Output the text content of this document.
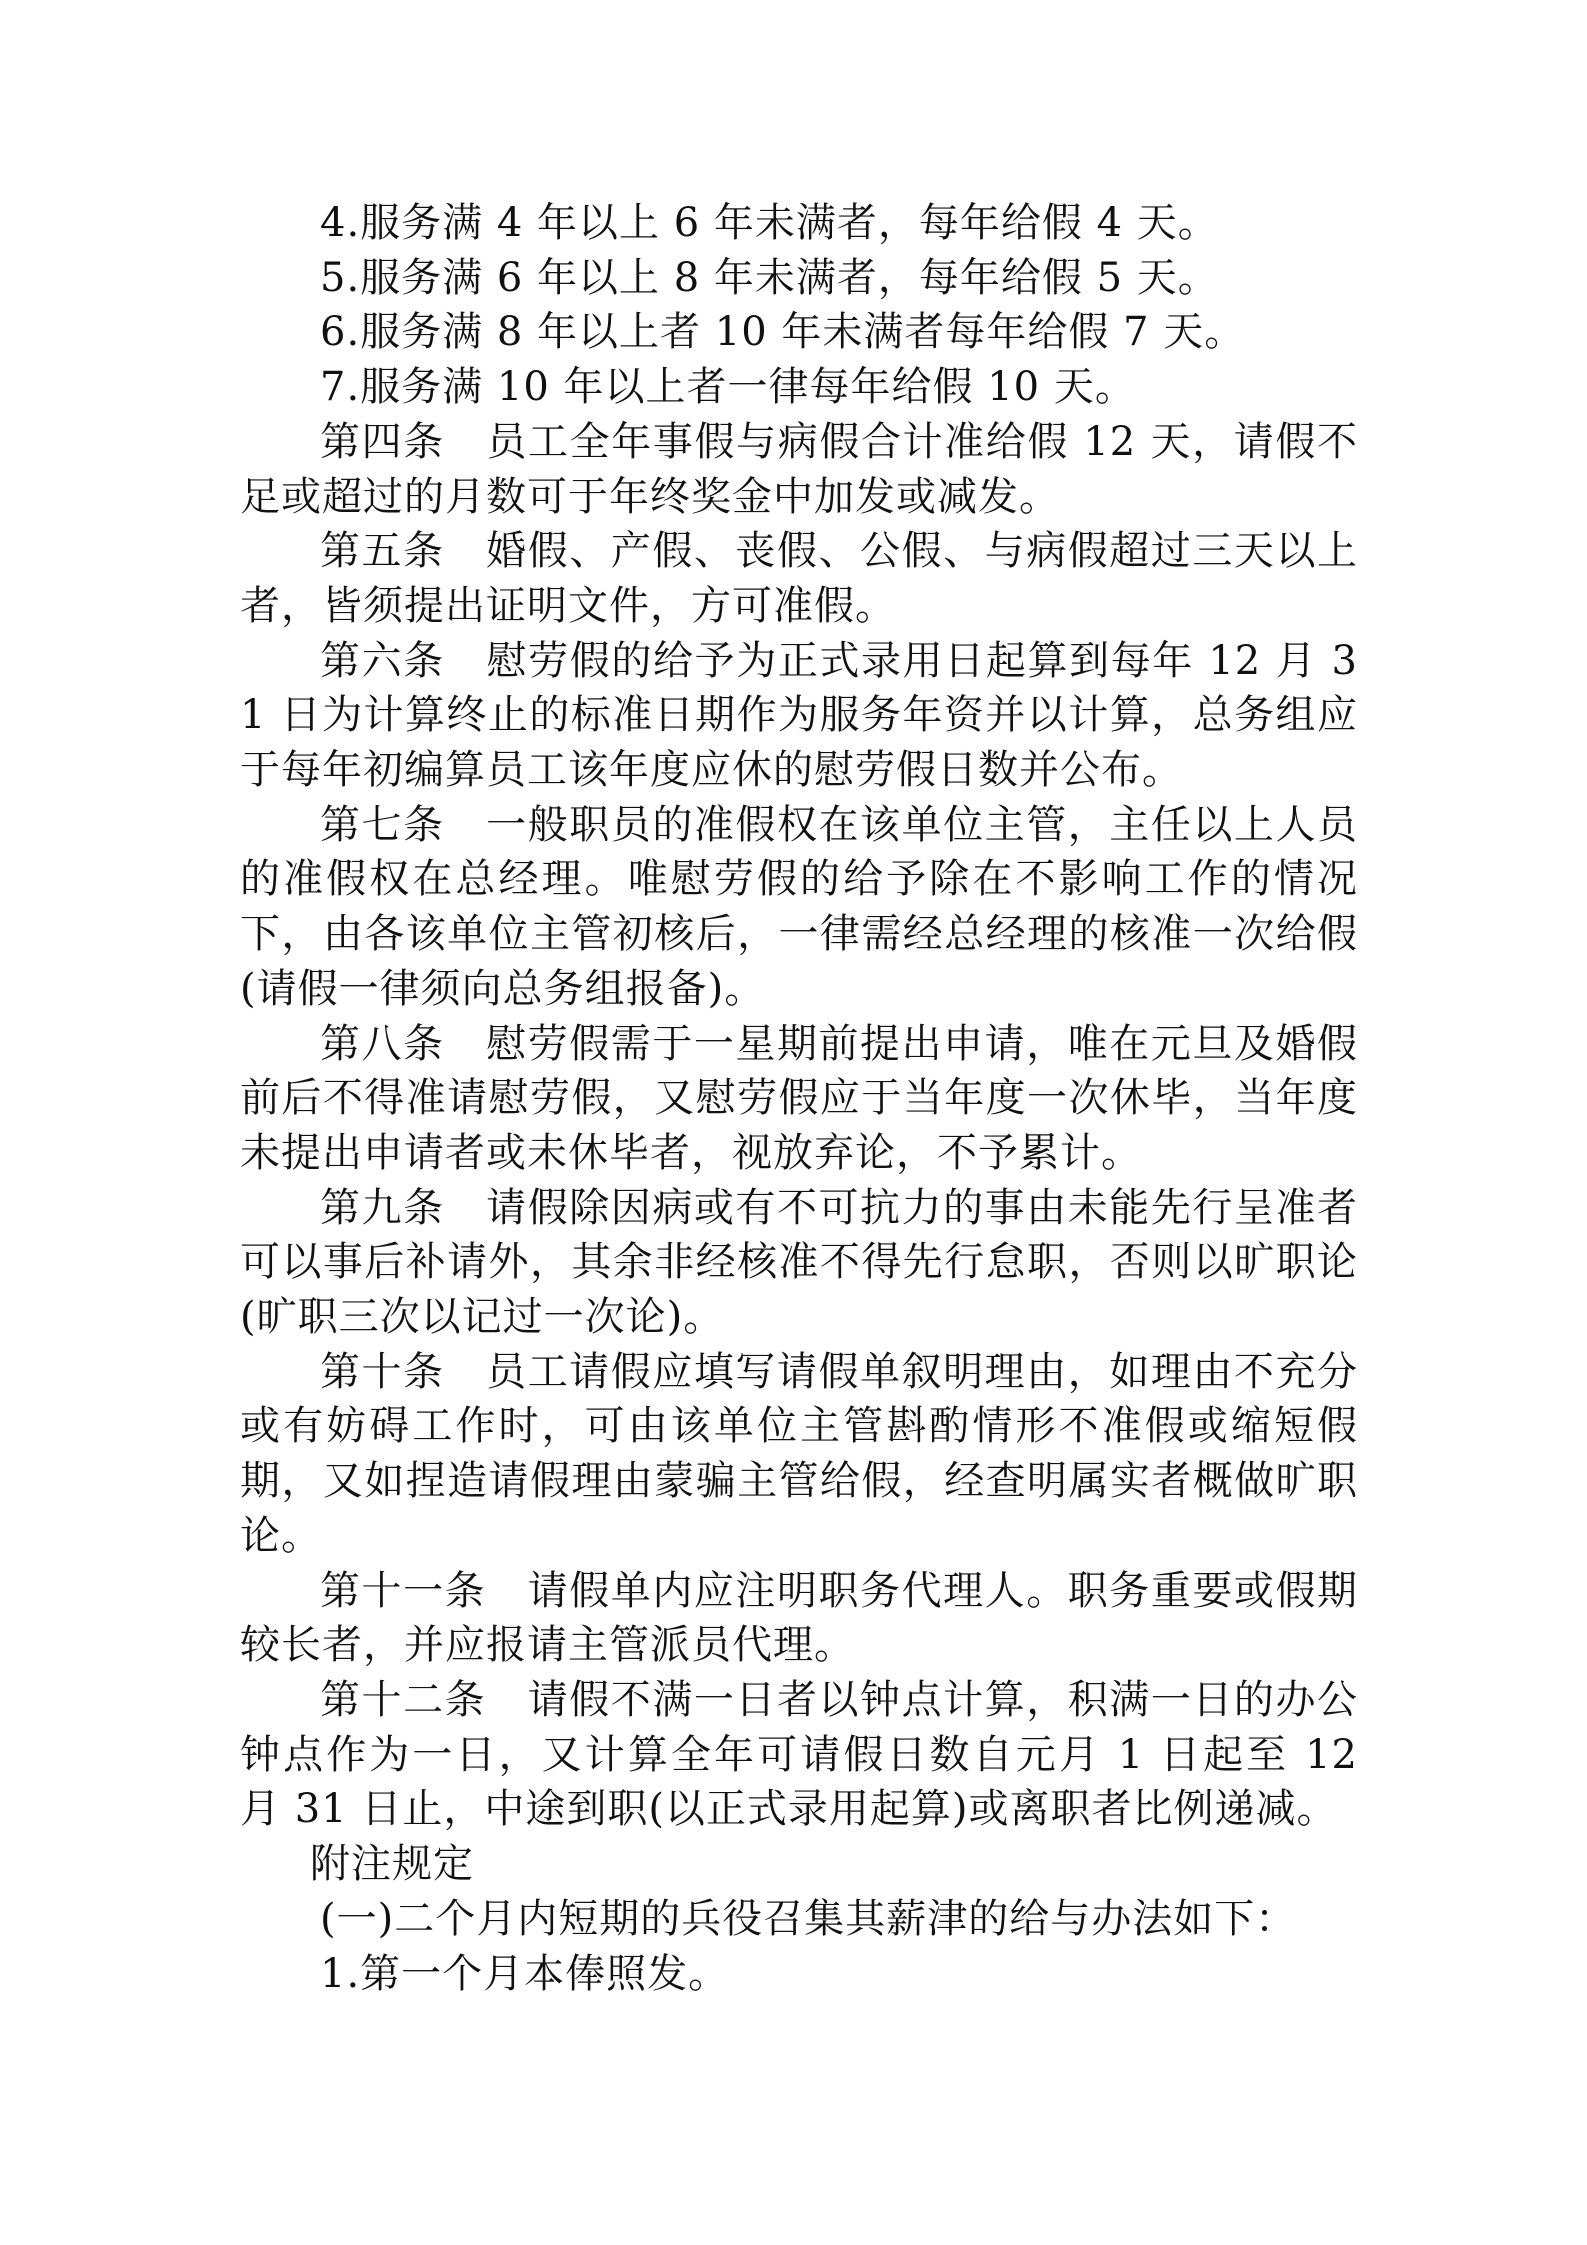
4.服务满 4 年以上 6 年未满者，每年给假 4 天。

5.服务满 6 年以上 8 年未满者，每年给假 5 天。

6.服务满 8 年以上者 10 年未满者每年给假 7 天。

7.服务满 10 年以上者一律每年给假 10 天。

第四条　员工全年事假与病假合计准给假 12 天，请假不足或超过的月数可于年终奖金中加发或减发。

第五条　婚假、产假、丧假、公假、与病假超过三天以上者，皆须提出证明文件，方可准假。

第六条　慰劳假的给予为正式录用日起算到每年 12 月 31 日为计算终止的标准日期作为服务年资并以计算，总务组应于每年初编算员工该年度应休的慰劳假日数并公布。

第七条　一般职员的准假权在该单位主管，主任以上人员的准假权在总经理。唯慰劳假的给予除在不影响工作的情况下，由各该单位主管初核后，一律需经总经理的核准一次给假(请假一律须向总务组报备)。

第八条　慰劳假需于一星期前提出申请，唯在元旦及婚假前后不得准请慰劳假，又慰劳假应于当年度一次休毕，当年度未提出申请者或未休毕者，视放弃论，不予累计。

第九条　请假除因病或有不可抗力的事由未能先行呈准者可以事后补请外，其余非经核准不得先行怠职，否则以旷职论(旷职三次以记过一次论)。

第十条　员工请假应填写请假单叙明理由，如理由不充分或有妨碍工作时，可由该单位主管斟酌情形不准假或缩短假期，又如捏造请假理由蒙骗主管给假，经查明属实者概做旷职论。

第十一条　请假单内应注明职务代理人。职务重要或假期较长者，并应报请主管派员代理。

第十二条　请假不满一日者以钟点计算，积满一日的办公钟点作为一日，又计算全年可请假日数自元月 1 日起至 12 月 31 日止，中途到职(以正式录用起算)或离职者比例递减。

附注规定

(一)二个月内短期的兵役召集其薪津的给与办法如下：

1.第一个月本俸照发。
